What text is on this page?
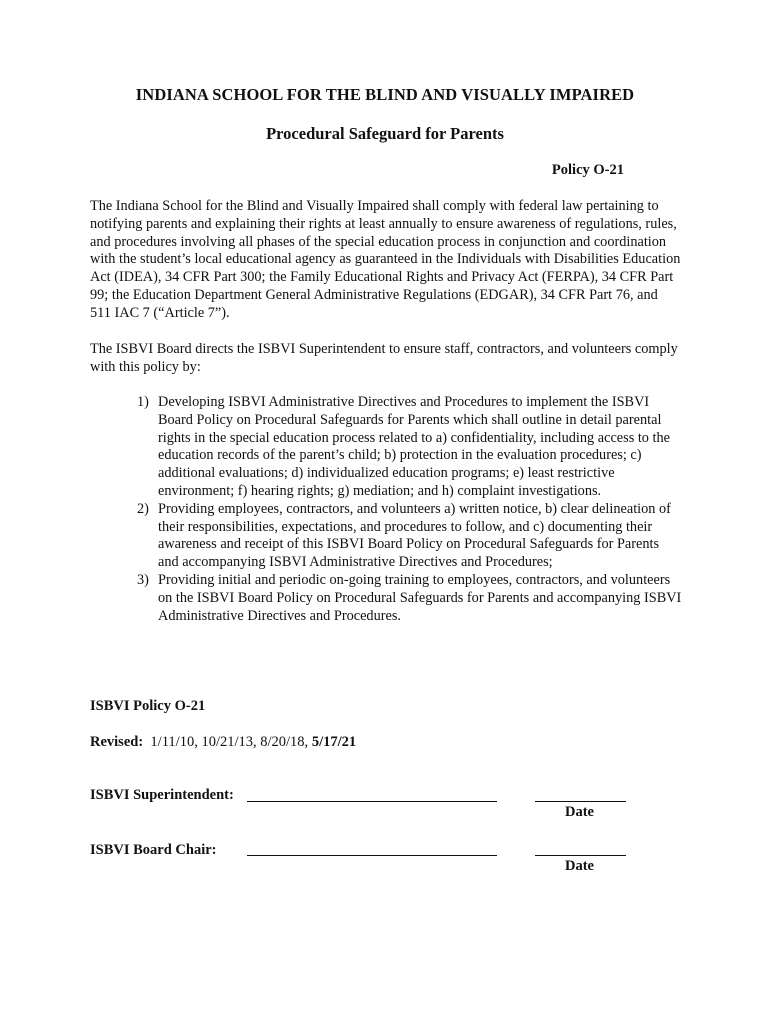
INDIANA SCHOOL FOR THE BLIND AND VISUALLY IMPAIRED
Procedural Safeguard for Parents
Policy O-21

The Indiana School for the Blind and Visually Impaired shall comply with federal law pertaining to notifying parents and explaining their rights at least annually to ensure awareness of regulations, rules, and procedures involving all phases of the special education process in conjunction and coordination with the student’s local educational agency as guaranteed in the Individuals with Disabilities Education Act (IDEA), 34 CFR Part 300; the Family Educational Rights and Privacy Act (FERPA), 34 CFR Part 99; the Education Department General Administrative Regulations (EDGAR), 34 CFR Part 76, and 511 IAC 7 (“Article 7”).

The ISBVI Board directs the ISBVI Superintendent to ensure staff, contractors, and volunteers comply with this policy by:

1) Developing ISBVI Administrative Directives and Procedures to implement the ISBVI Board Policy on Procedural Safeguards for Parents which shall outline in detail parental rights in the special education process related to a) confidentiality, including access to the education records of the parent’s child; b) protection in the evaluation procedures; c) additional evaluations; d) individualized education programs; e) least restrictive environment; f) hearing rights; g) mediation; and h) complaint investigations.
2) Providing employees, contractors, and volunteers a) written notice, b) clear delineation of their responsibilities, expectations, and procedures to follow, and c) documenting their awareness and receipt of this ISBVI Board Policy on Procedural Safeguards for Parents and accompanying ISBVI Administrative Directives and Procedures;
3) Providing initial and periodic on-going training to employees, contractors, and volunteers on the ISBVI Board Policy on Procedural Safeguards for Parents and accompanying ISBVI Administrative Directives and Procedures.
ISBVI Policy O-21
Revised: 1/11/10, 10/21/13, 8/20/18, 5/17/21
ISBVI Superintendent:
Date
ISBVI Board Chair:
Date
